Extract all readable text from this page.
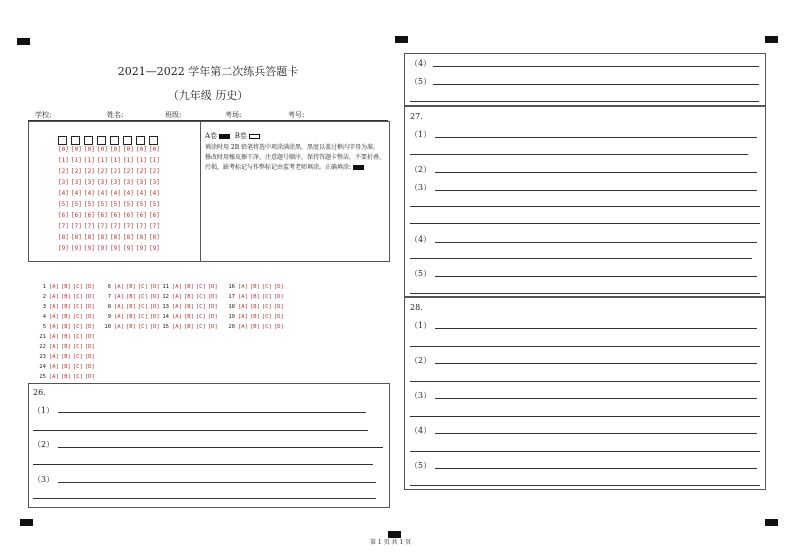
2021—2022 学年第二次练兵答题卡
（九年级 历史）
学校:	姓名:	班级:	考场:	考号:
[0] [0] [0] [0] [0] [0] [0] [0]
[1] [1] [1] [1] [1] [1] [1] [1]
[2] [2] [2] [2] [2] [2] [2] [2]
[3] [3] [3] [3] [3] [3] [3] [3]
[4] [4] [4] [4] [4] [4] [4] [4]
[5] [5] [5] [5] [5] [5] [5] [5]
[6] [6] [6] [6] [6] [6] [6] [6]
[7] [7] [7] [7] [7] [7] [7] [7]
[8] [8] [8] [8] [8] [8] [8] [8]
[9] [9] [9] [9] [9] [9] [9] [9]
A卷	B卷
填涂时用 2B 铅笔将选中项涂满涂黑，黑度以盖过框内字母为准。修改时用橡皮擦干净，注意题号顺序，保持答题卡整洁，不要折叠、污损，缺考标记与作弊标记由监考老师填涂。正确填涂:
1 [A] [B] [C] [D]
2 [A] [B] [C] [D]
3 [A] [B] [C] [D]
4 [A] [B] [C] [D]
5 [A] [B] [C] [D]
21 [A] [B] [C] [D]
22 [A] [B] [C] [D]
23 [A] [B] [C] [D]
24 [A] [B] [C] [D]
25 [A] [B] [C] [D]
6 [A] [B] [C] [D]
7 [A] [B] [C] [D]
8 [A] [B] [C] [D]
9 [A] [B] [C] [D]
10 [A] [B] [C] [D]
11 [A] [B] [C] [D]
12 [A] [B] [C] [D]
13 [A] [B] [C] [D]
14 [A] [B] [C] [D]
15 [A] [B] [C] [D]
16 [A] [B] [C] [D]
17 [A] [B] [C] [D]
18 [A] [B] [C] [D]
19 [A] [B] [C] [D]
20 [A] [B] [C] [D]
26.
（1）
（2）
（3）
（4）
（5）
27.
（1）
（2）
（3）
（4）
（5）
28.
（1）
（2）
（3）
（4）
（5）
第 1 页 共 1 页
